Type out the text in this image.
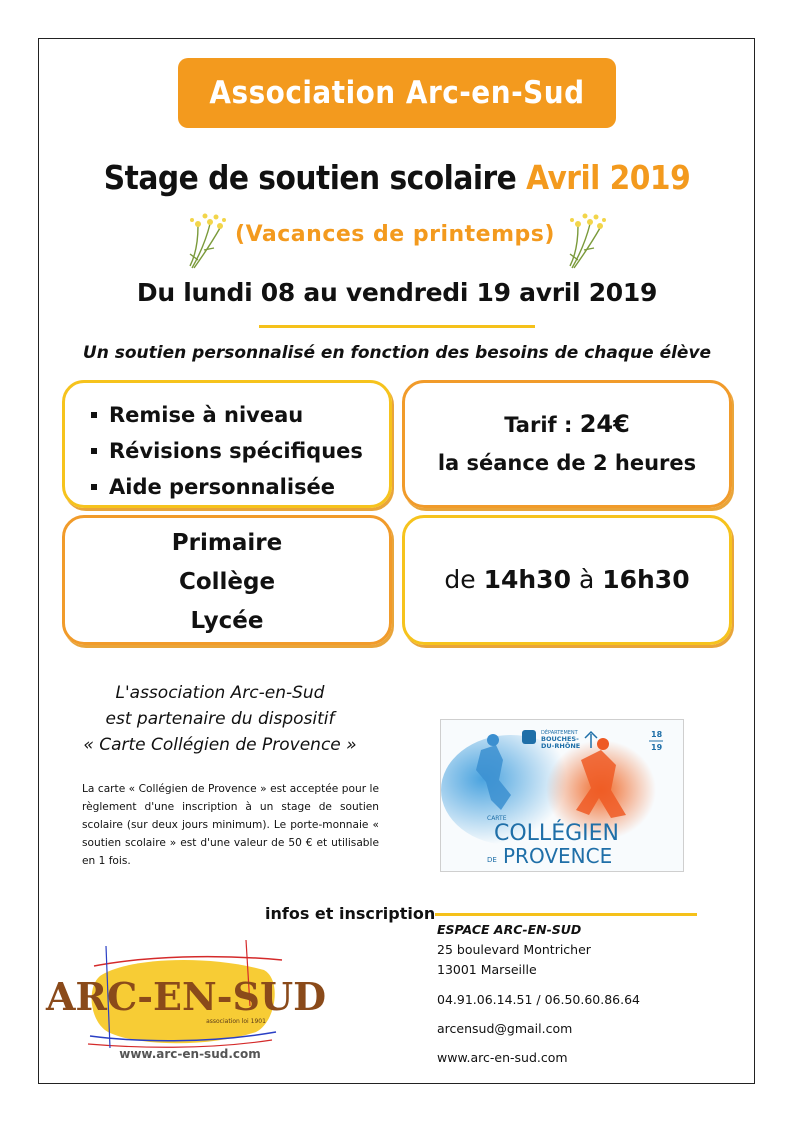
Association Arc-en-Sud
Stage de soutien scolaire Avril 2019
(Vacances de printemps)
Du lundi 08 au vendredi 19 avril 2019
Un soutien personnalisé en fonction des besoins de chaque élève
Remise à niveau
Révisions spécifiques
Aide personnalisée
Tarif : 24€
la séance de 2 heures
Primaire
Collège
Lycée
de 14h30 à 16h30
L'association Arc-en-Sud
est partenaire du dispositif
« Carte Collégien de Provence »
La carte « Collégien de Provence » est acceptée pour le règlement d'une inscription à un stage de soutien scolaire (sur deux jours minimum). Le porte-monnaie « soutien scolaire » est d'une valeur de 50 € et utilisable en 1 fois.
DÉPARTEMENT
BOUCHES-
DU-RHÔNE
18
19
CARTE
COLLÉGIEN
DE PROVENCE
infos et inscription
ESPACE ARC-EN-SUD
25 boulevard Montricher
13001 Marseille
04.91.06.14.51 / 06.50.60.86.64
arcensud@gmail.com
www.arc-en-sud.com
ARC-EN-SUD
association loi 1901
www.arc-en-sud.com
